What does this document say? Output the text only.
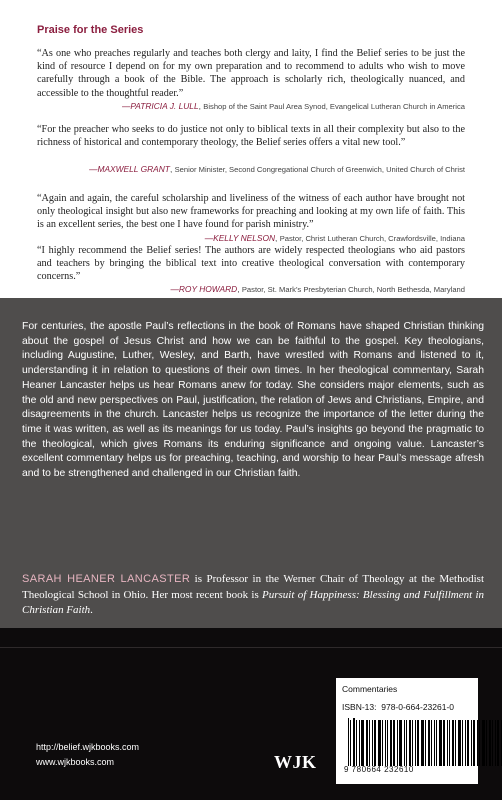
Praise for the Series

“As one who preaches regularly and teaches both clergy and laity, I find the Belief series to be just the kind of resource I depend on for my own preparation and to recommend to adults who wish to move carefully through a book of the Bible. The approach is scholarly rich, theologically nuanced, and accessible to the thoughtful reader.”

— PATRICIA J. LULL , Bishop of the Saint Paul Area Synod, Evangelical Lutheran Church in America

“For the preacher who seeks to do justice not only to biblical texts in all their complexity but also to the richness of historical and contemporary theology, the Belief series offers a vital new tool.”

— MAXWELL GRANT , Senior Minister, Second Congregational Church of Greenwich, United Church of Christ

“Again and again, the careful scholarship and liveliness of the witness of each author have brought not only theological insight but also new frameworks for preaching and looking at my own life of faith. This is an excellent series, the best one I have found for parish ministry.”

— KELLY NELSON , Pastor, Christ Lutheran Church, Crawfordsville, Indiana

“I highly recommend the Belief series! The authors are widely respected theologians who aid pastors and teachers by bringing the biblical text into creative theological conversation with contemporary concerns.”

— ROY HOWARD , Pastor, St. Mark’s Presbyterian Church, North Bethesda, Maryland

For centuries, the apostle Paul’s reflections in the book of Romans have shaped Christian thinking about the gospel of Jesus Christ and how we can be faithful to the gospel. Key theologians, including Augustine, Luther, Wesley, and Barth, have wrestled with Romans and listened to it, understanding it in relation to questions of their own times. In her theological commentary, Sarah Heaner Lancaster helps us hear Romans anew for today. She considers major elements, such as the old and new perspectives on Paul, justification, the relation of Jews and Christians, Empire, and disagreements in the church. Lancaster helps us recognize the importance of the letter during the time it was written, as well as its meanings for us today. Paul’s insights go beyond the pragmatic to the theological, which gives Romans its enduring significance and ongoing value. Lancaster’s excellent commentary helps us for preaching, teaching, and worship to hear Paul’s message afresh and to be strengthened and challenged in our Christian faith.

SARAH HEANER LANCASTER is Professor in the Werner Chair of Theology at the Methodist Theological School in Ohio. Her most recent book is Pursuit of Happiness: Blessing and Fulfillment in Christian Faith.

http://belief.wjkbooks.com

www.wjkbooks.com	WJK

Commentaries

ISBN-13: 978-0-664-23261-0

9 780664 232610
